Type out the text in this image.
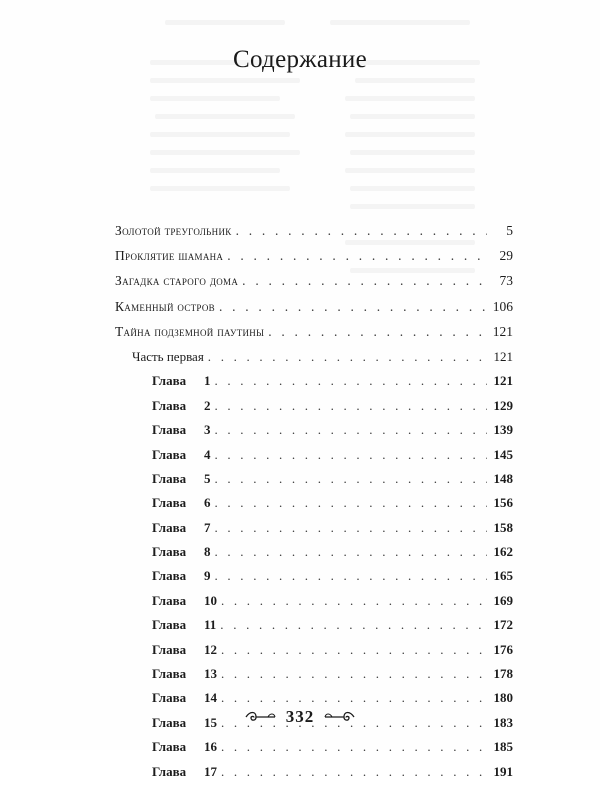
Содержание
Золотой треугольник . . .	5
Проклятие шамана . . .	29
Загадка старого дома . . .	73
Каменный остров . . .	106
Тайна подземной паутины . . .	121
Часть первая . . .	121
Глава 1 . . .	121
Глава 2 . . .	129
Глава 3 . . .	139
Глава 4 . . .	145
Глава 5 . . .	148
Глава 6 . . .	156
Глава 7 . . .	158
Глава 8 . . .	162
Глава 9 . . .	165
Глава 10 . . .	169
Глава 11 . . .	172
Глава 12 . . .	176
Глава 13 . . .	178
Глава 14 . . .	180
Глава 15 . . .	183
Глава 16 . . .	185
Глава 17 . . .	191
332
